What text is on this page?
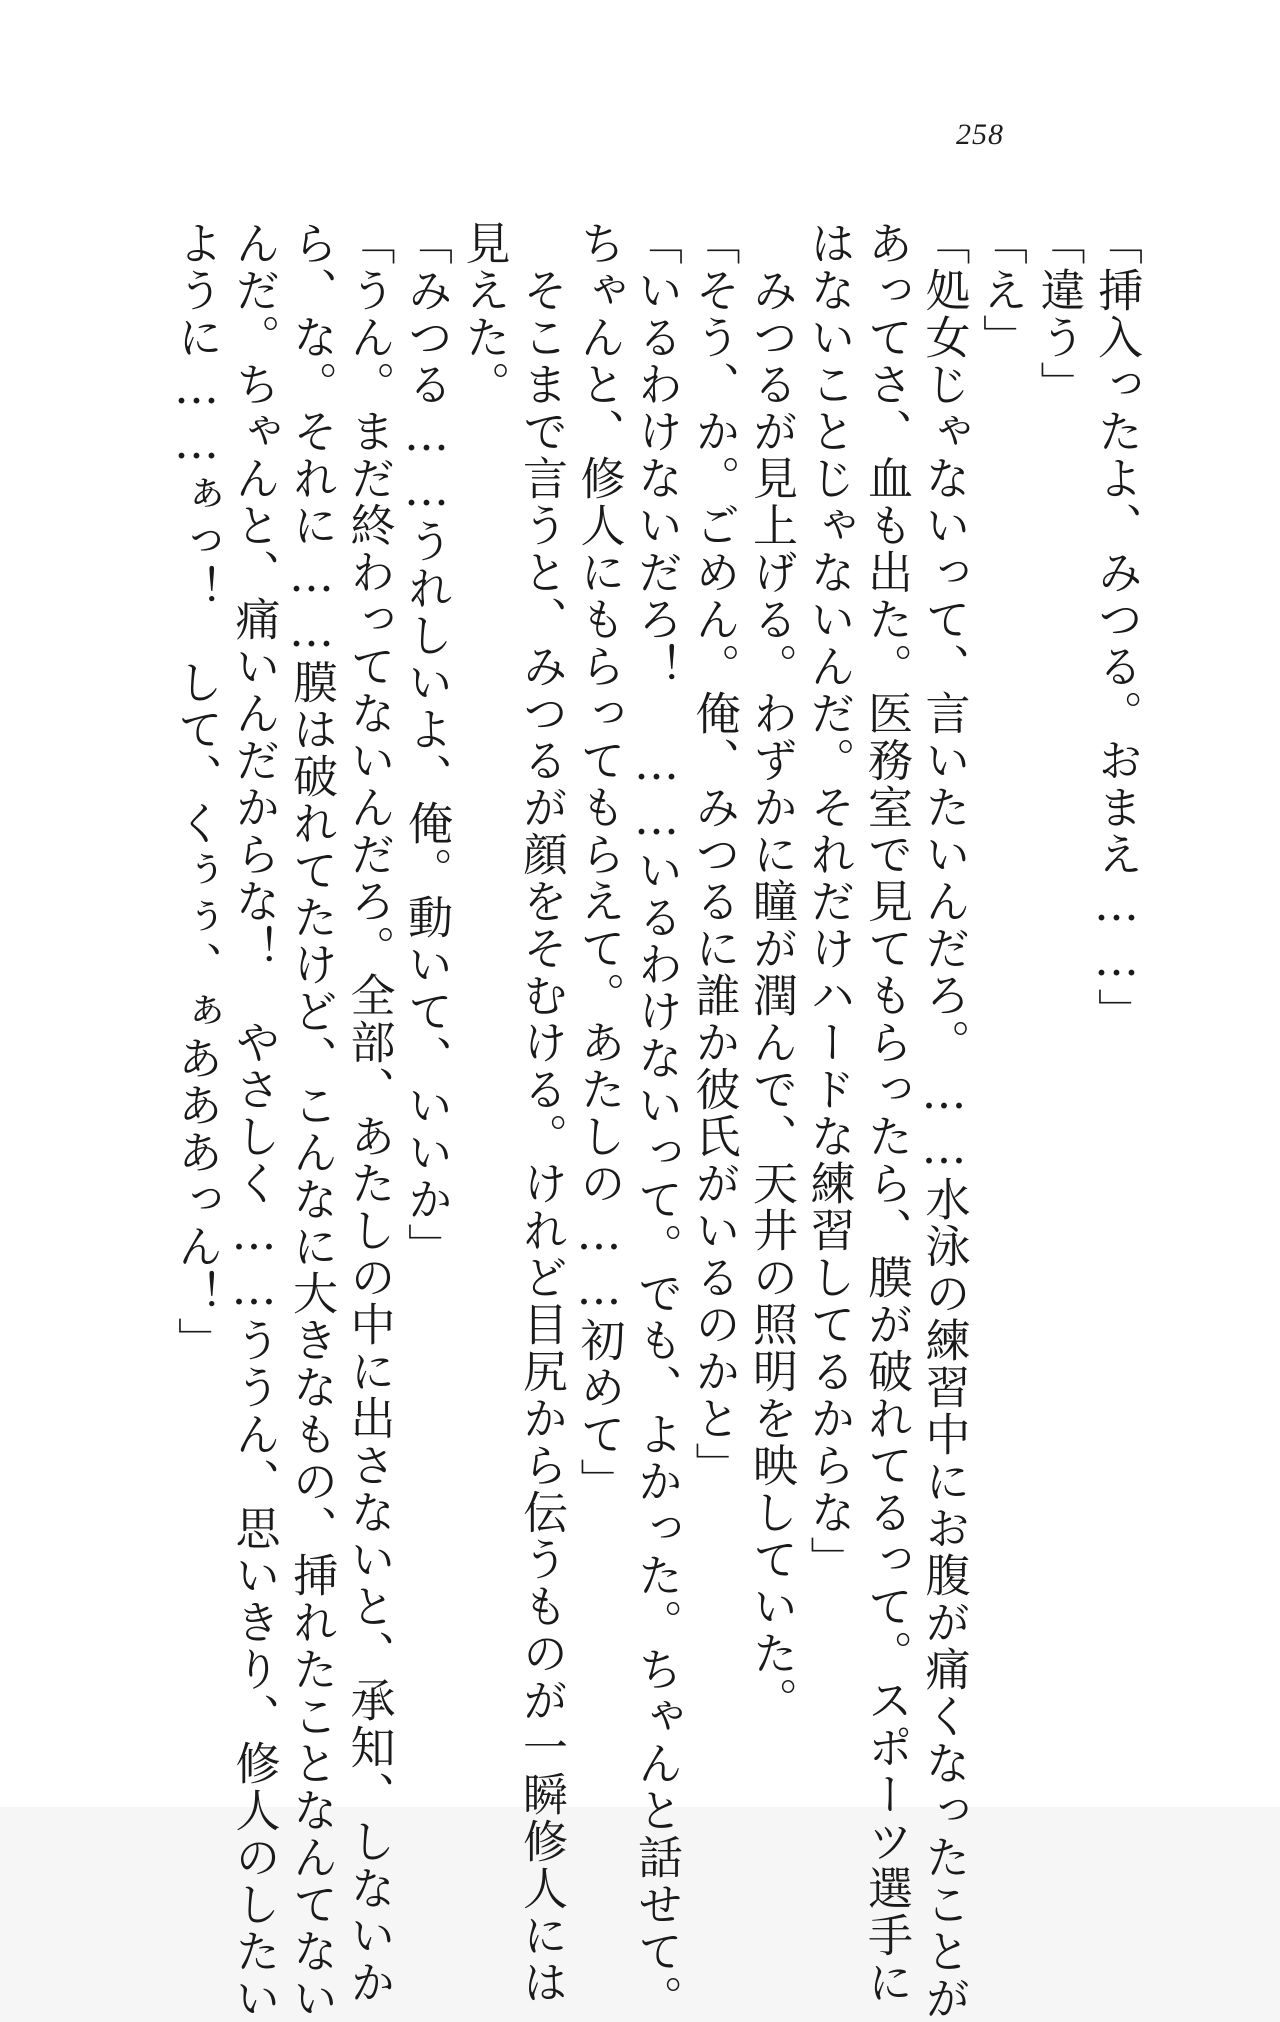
258
「挿入ったよ、みつる。おまえ……」
「違う」
「え」
「処女じゃないって、言いたいんだろ。……水泳の練習中にお腹が痛くなったことが
あってさ、血も出た。医務室で見てもらったら、膜が破れてるって。スポーツ選手に
はないことじゃないんだ。それだけハードな練習してるからな」
　みつるが見上げる。わずかに瞳が潤んで、天井の照明を映していた。
「そう、か。ごめん。俺、みつるに誰か彼氏がいるのかと」
「いるわけないだろ！　……いるわけないって。でも、よかった。ちゃんと話せて。
ちゃんと、修人にもらってもらえて。あたしの……初めて」
　そこまで言うと、みつるが顔をそむける。けれど目尻から伝うものが一瞬修人には
見えた。
「みつる……うれしいよ、俺。動いて、いいか」
「うん。まだ終わってないんだろ。全部、あたしの中に出さないと、承知、しないか
ら、な。それに……膜は破れてたけど、こんなに大きなもの、挿れたことなんてない
んだ。ちゃんと、痛いんだからな！　やさしく……ううん、思いきり、修人のしたい
ように……ぁっ！　して、くぅぅ、ぁあああっん！」
